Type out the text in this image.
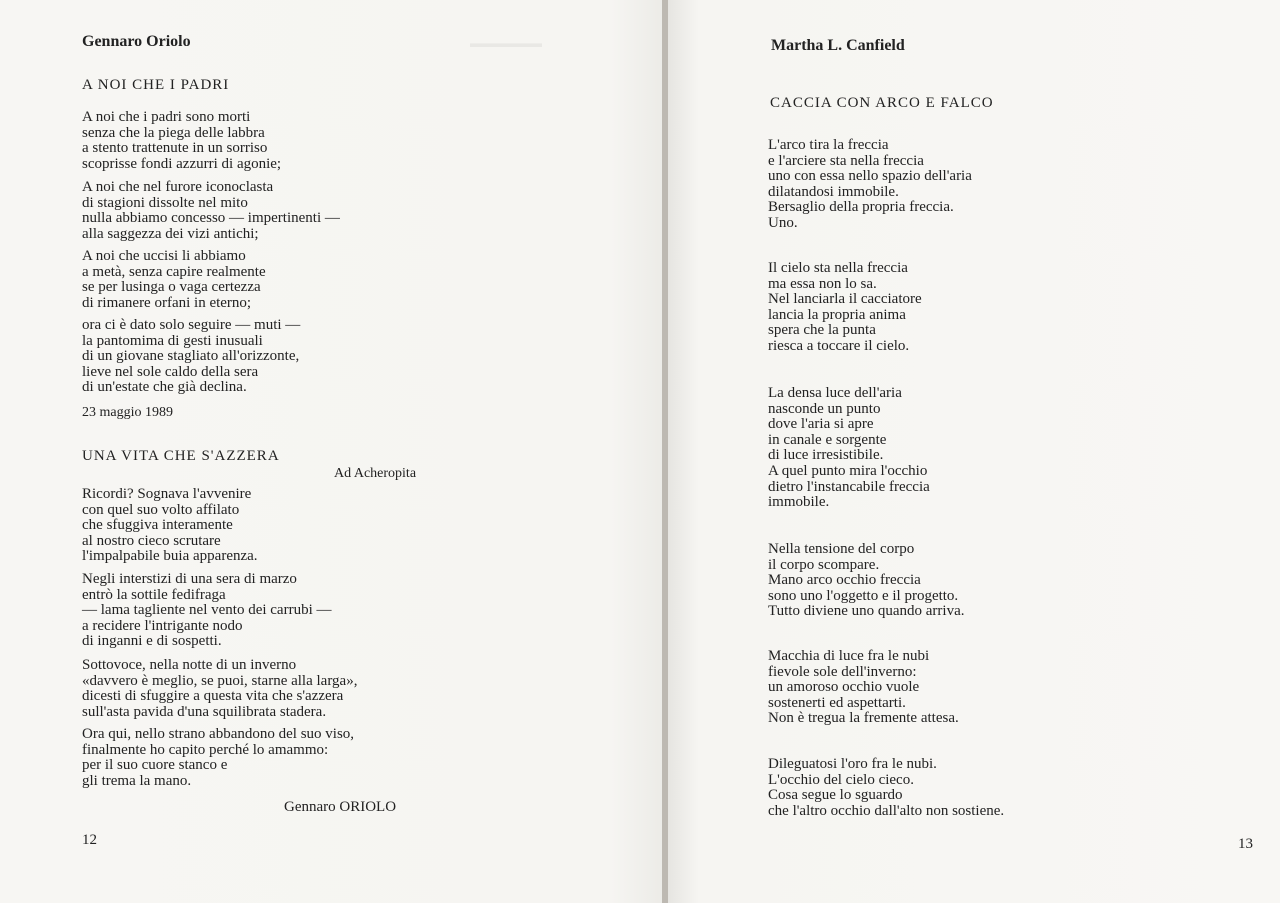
▬▬▬▬▬▬
Gennaro Oriolo
A NOI CHE I PADRI
A noi che i padri sono morti
senza che la piega delle labbra
a stento trattenute in un sorriso
scoprisse fondi azzurri di agonie;
A noi che nel furore iconoclasta
di stagioni dissolte nel mito
nulla abbiamo concesso — impertinenti —
alla saggezza dei vizi antichi;
A noi che uccisi li abbiamo
a metà, senza capire realmente
se per lusinga o vaga certezza
di rimanere orfani in eterno;
ora ci è dato solo seguire — muti —
la pantomima di gesti inusuali
di un giovane stagliato all'orizzonte,
lieve nel sole caldo della sera
di un'estate che già declina.
23 maggio 1989
UNA VITA CHE S'AZZERA
Ad Acheropita
Ricordi? Sognava l'avvenire
con quel suo volto affilato
che sfuggiva interamente
al nostro cieco scrutare
l'impalpabile buia apparenza.
Negli interstizi di una sera di marzo
entrò la sottile fedifraga
— lama tagliente nel vento dei carrubi —
a recidere l'intrigante nodo
di inganni e di sospetti.
Sottovoce, nella notte di un inverno
«davvero è meglio, se puoi, starne alla larga»,
dicesti di sfuggire a questa vita che s'azzera
sull'asta pavida d'una squilibrata stadera.
Ora qui, nello strano abbandono del suo viso,
finalmente ho capito perché lo amammo:
per il suo cuore stanco e
gli trema la mano.
Gennaro ORIOLO
12
Martha L. Canfield
CACCIA CON ARCO E FALCO
L'arco tira la freccia
e l'arciere sta nella freccia
uno con essa nello spazio dell'aria
dilatandosi immobile.
Bersaglio della propria freccia.
Uno.
Il cielo sta nella freccia
ma essa non lo sa.
Nel lanciarla il cacciatore
lancia la propria anima
spera che la punta
riesca a toccare il cielo.
La densa luce dell'aria
nasconde un punto
dove l'aria si apre
in canale e sorgente
di luce irresistibile.
A quel punto mira l'occhio
dietro l'instancabile freccia
immobile.
Nella tensione del corpo
il corpo scompare.
Mano arco occhio freccia
sono uno l'oggetto e il progetto.
Tutto diviene uno quando arriva.
Macchia di luce fra le nubi
fievole sole dell'inverno:
un amoroso occhio vuole
sostenerti ed aspettarti.
Non è tregua la fremente attesa.
Dileguatosi l'oro fra le nubi.
L'occhio del cielo cieco.
Cosa segue lo sguardo
che l'altro occhio dall'alto non sostiene.
13
